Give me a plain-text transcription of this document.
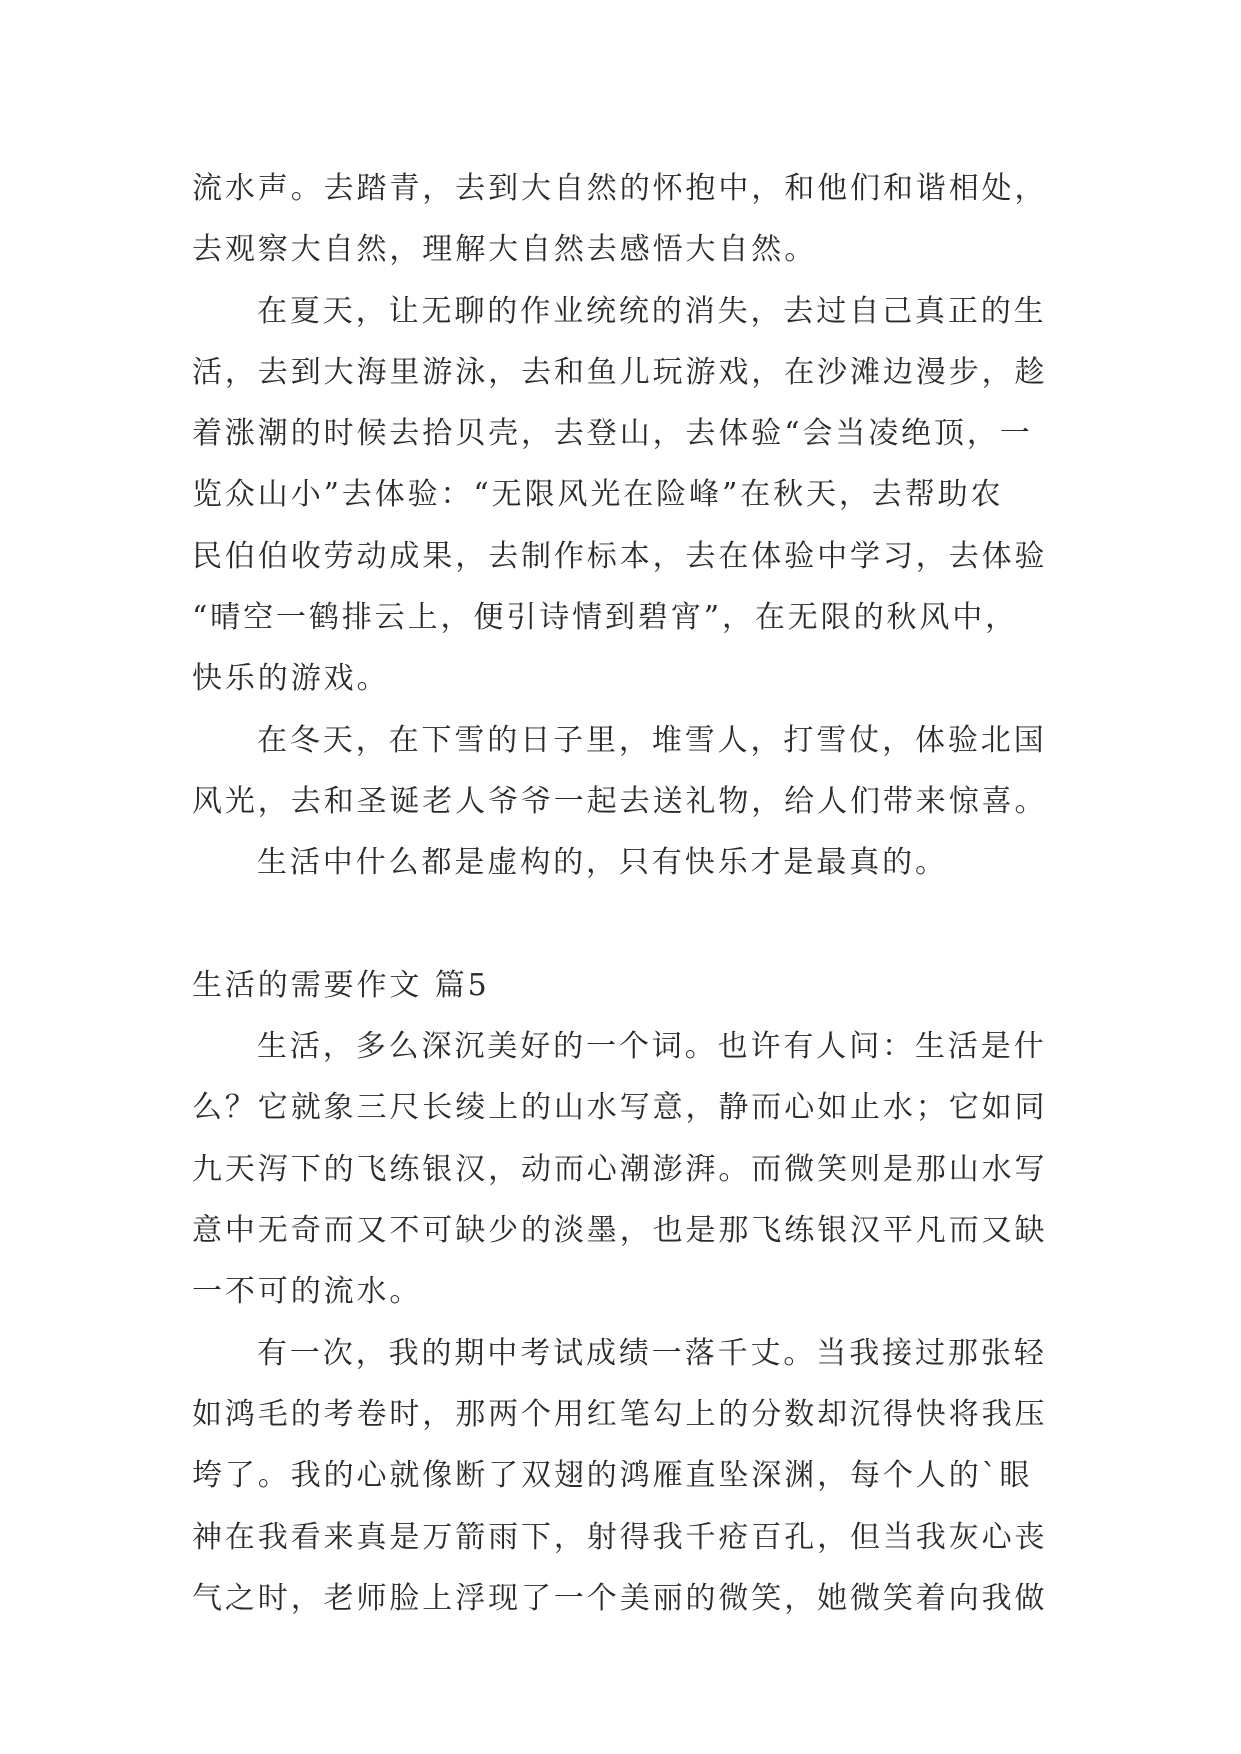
流水声。去踏青，去到大自然的怀抱中，和他们和谐相处，
去观察大自然，理解大自然去感悟大自然。
在夏天，让无聊的作业统统的消失，去过自己真正的生
活，去到大海里游泳，去和鱼儿玩游戏，在沙滩边漫步，趁
着涨潮的时候去拾贝壳，去登山，去体验“会当凌绝顶，一
览众山小”去体验：“无限风光在险峰”在秋天，去帮助农
民伯伯收劳动成果，去制作标本，去在体验中学习，去体验
“晴空一鹤排云上，便引诗情到碧宵”，在无限的秋风中，
快乐的游戏。
在冬天，在下雪的日子里，堆雪人，打雪仗，体验北国
风光，去和圣诞老人爷爷一起去送礼物，给人们带来惊喜。
生活中什么都是虚构的，只有快乐才是最真的。
生活的需要作文 篇5
生活，多么深沉美好的一个词。也许有人问：生活是什
么？它就象三尺长绫上的山水写意，静而心如止水；它如同
九天泻下的飞练银汉，动而心潮澎湃。而微笑则是那山水写
意中无奇而又不可缺少的淡墨，也是那飞练银汉平凡而又缺
一不可的流水。
有一次，我的期中考试成绩一落千丈。当我接过那张轻
如鸿毛的考卷时，那两个用红笔勾上的分数却沉得快将我压
垮了。我的心就像断了双翅的鸿雁直坠深渊，每个人的`眼
神在我看来真是万箭雨下，射得我千疮百孔，但当我灰心丧
气之时，老师脸上浮现了一个美丽的微笑，她微笑着向我做
